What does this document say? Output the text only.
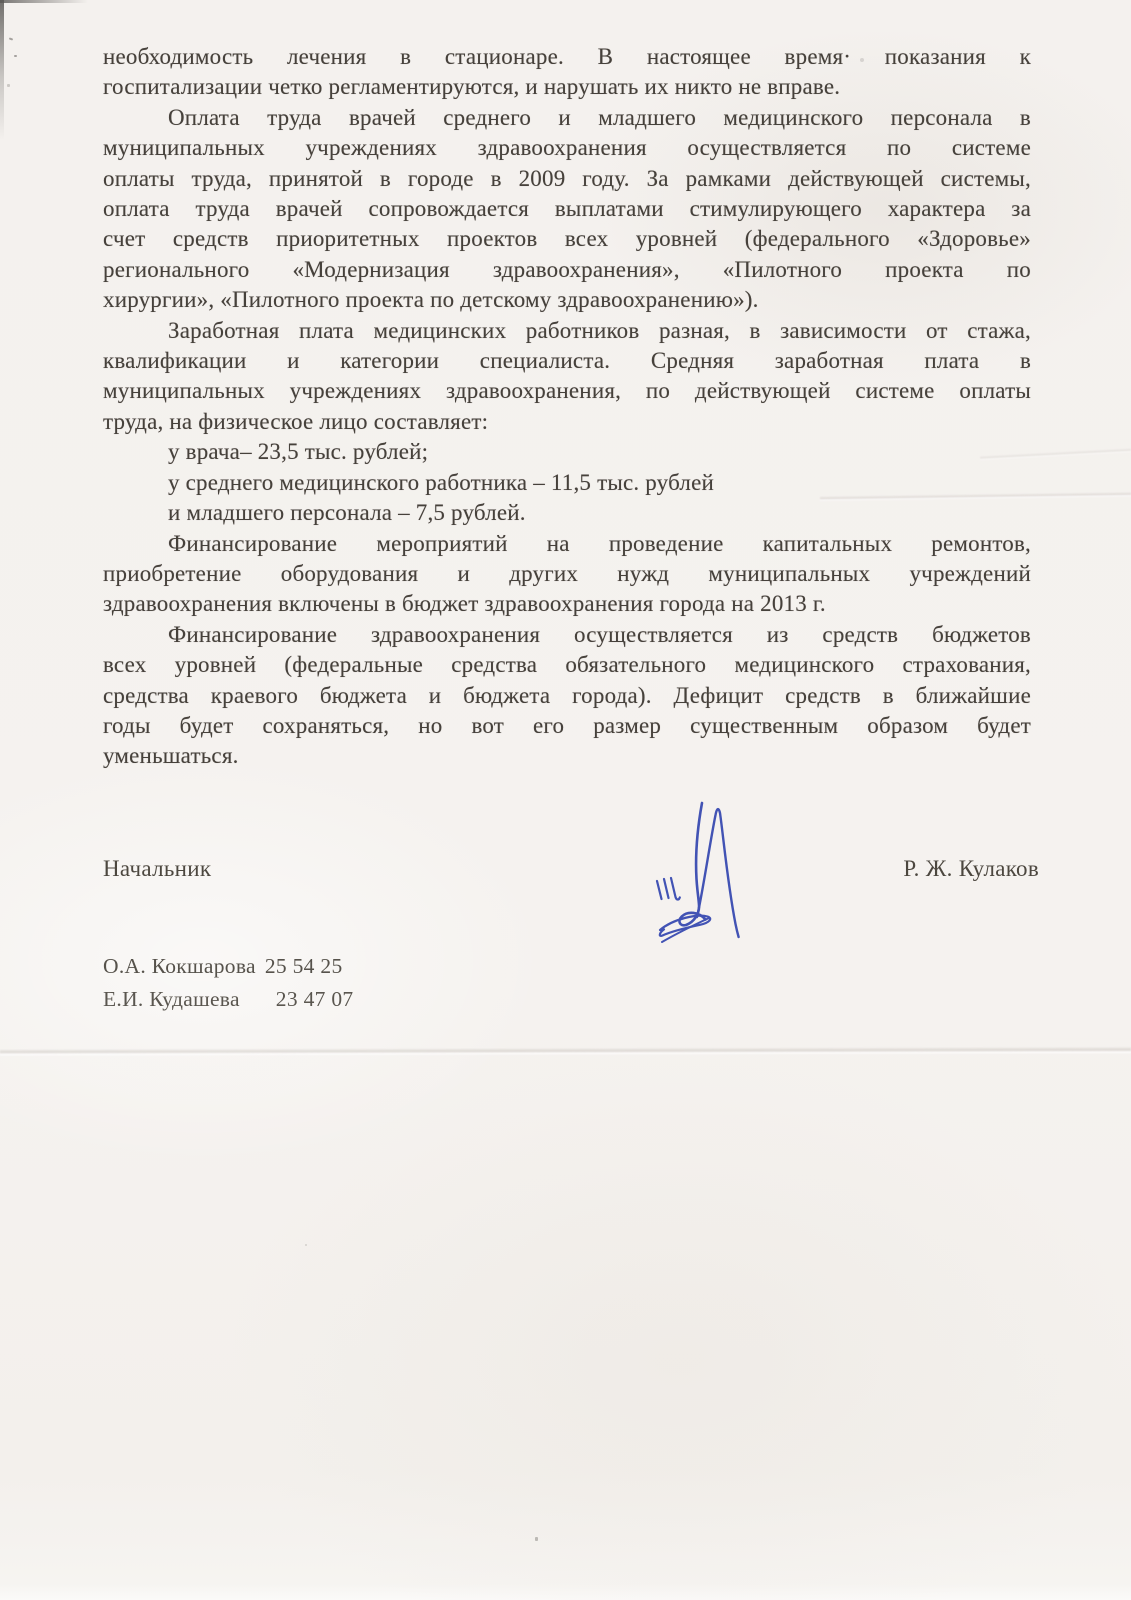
необходимость лечения в стационаре. В настоящее время· показания к
госпитализации четко регламентируются, и нарушать их никто не вправе.
Оплата труда врачей среднего и младшего медицинского персонала в
муниципальных учреждениях здравоохранения осуществляется по системе
оплаты труда, принятой в городе в 2009 году. За рамками действующей системы,
оплата труда врачей сопровождается выплатами стимулирующего характера за
счет средств приоритетных проектов всех уровней (федерального «Здоровье»
регионального «Модернизация здравоохранения», «Пилотного проекта по
хирургии», «Пилотного проекта по детскому здравоохранению»).
Заработная плата медицинских работников разная, в зависимости от стажа,
квалификации и категории специалиста. Средняя заработная плата в
муниципальных учреждениях здравоохранения, по действующей системе оплаты
труда, на физическое лицо составляет:
у врача– 23,5 тыс. рублей;
у среднего медицинского работника – 11,5 тыс. рублей
и младшего персонала – 7,5 рублей.
Финансирование мероприятий на проведение капитальных ремонтов,
приобретение оборудования и других нужд муниципальных учреждений
здравоохранения включены в бюджет здравоохранения города на 2013 г.
Финансирование здравоохранения осуществляется из средств бюджетов
всех уровней (федеральные средства обязательного медицинского страхования,
средства краевого бюджета и бюджета города). Дефицит средств в ближайшие
годы будет сохраняться, но вот его размер существенным образом будет
уменьшаться.
Начальник	Р. Ж. Кулаков
О.А. Кокшарова 25 54 25
Е.И. Кудашева 23 47 07
